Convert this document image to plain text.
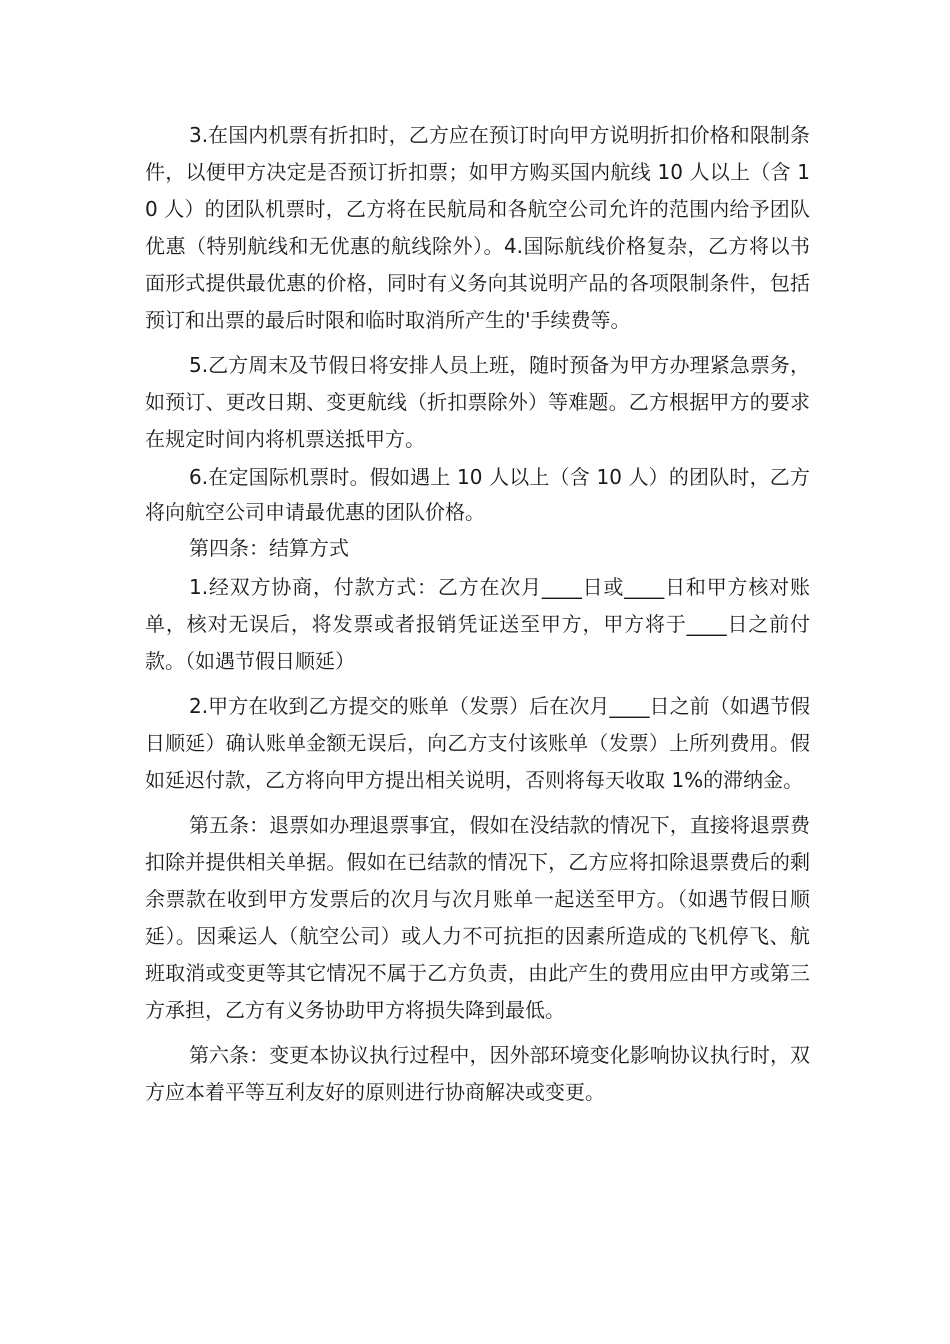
3.在国内机票有折扣时，乙方应在预订时向甲方说明折扣价格和限制条件，以便甲方决定是否预订折扣票；如甲方购买国内航线 10 人以上（含 10 人）的团队机票时，乙方将在民航局和各航空公司允许的范围内给予团队优惠（特别航线和无优惠的航线除外）。4.国际航线价格复杂，乙方将以书面形式提供最优惠的价格，同时有义务向其说明产品的各项限制条件，包括预订和出票的最后时限和临时取消所产生的'手续费等。

5.乙方周末及节假日将安排人员上班，随时预备为甲方办理紧急票务，如预订、更改日期、变更航线（折扣票除外）等难题。乙方根据甲方的要求在规定时间内将机票送抵甲方。

6.在定国际机票时。假如遇上 10 人以上（含 10 人）的团队时，乙方将向航空公司申请最优惠的团队价格。

第四条：结算方式

1.经双方协商，付款方式：乙方在次月____日或____日和甲方核对账单，核对无误后，将发票或者报销凭证送至甲方，甲方将于____日之前付款。（如遇节假日顺延）

2.甲方在收到乙方提交的账单（发票）后在次月____日之前（如遇节假日顺延）确认账单金额无误后，向乙方支付该账单（发票）上所列费用。假如延迟付款，乙方将向甲方提出相关说明，否则将每天收取 1%的滞纳金。

第五条：退票如办理退票事宜，假如在没结款的情况下，直接将退票费扣除并提供相关单据。假如在已结款的情况下，乙方应将扣除退票费后的剩余票款在收到甲方发票后的次月与次月账单一起送至甲方。（如遇节假日顺延）。因乘运人（航空公司）或人力不可抗拒的因素所造成的飞机停飞、航班取消或变更等其它情况不属于乙方负责，由此产生的费用应由甲方或第三方承担，乙方有义务协助甲方将损失降到最低。

第六条：变更本协议执行过程中，因外部环境变化影响协议执行时，双方应本着平等互利友好的原则进行协商解决或变更。
